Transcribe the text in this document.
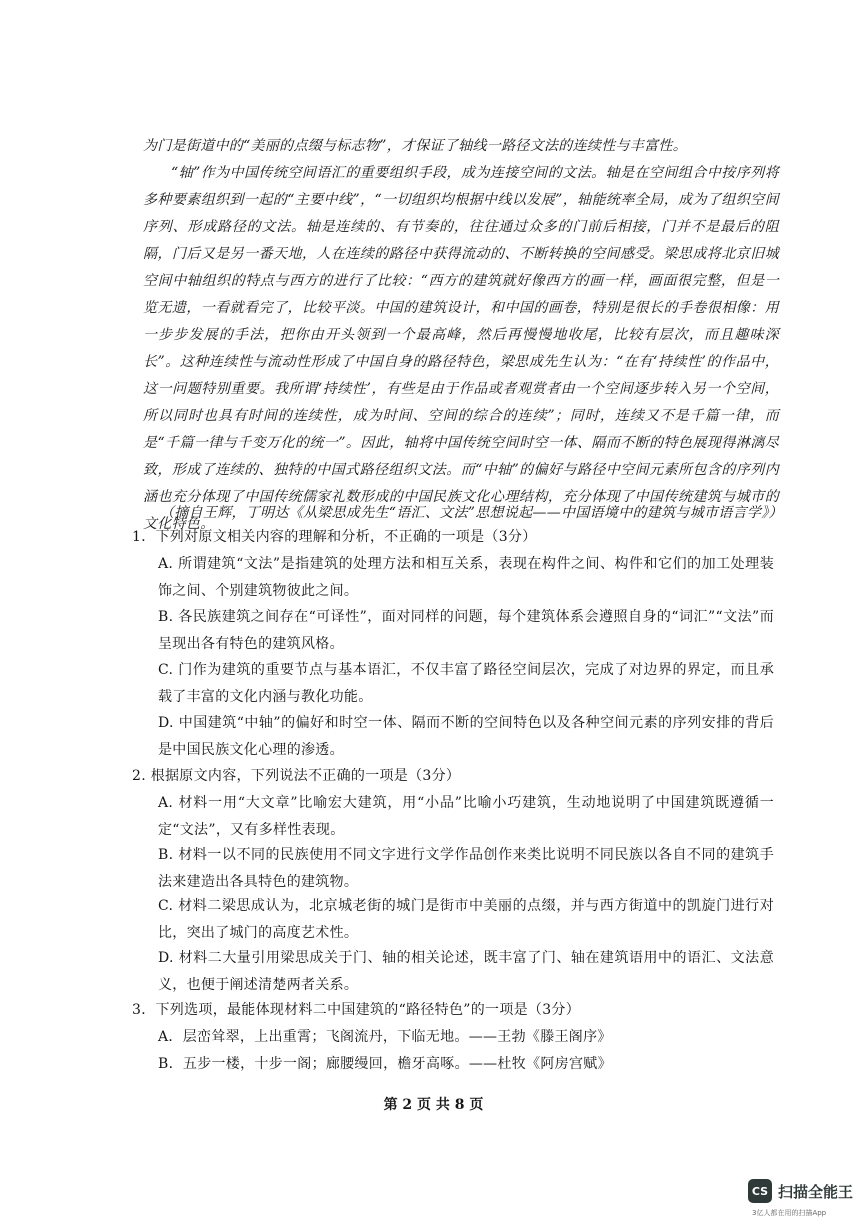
为门是街道中的“美丽的点缀与标志物”，才保证了轴线一路径文法的连续性与丰富性。

“轴”作为中国传统空间语汇的重要组织手段，成为连接空间的文法。轴是在空间组合中按序列将多种要素组织到一起的“主要中线”，“一切组织均根据中线以发展”，轴能统率全局，成为了组织空间序列、形成路径的文法。轴是连续的、有节奏的，往往通过众多的门前后相接，门并不是最后的阻隔，门后又是另一番天地，人在连续的路径中获得流动的、不断转换的空间感受。梁思成将北京旧城空间中轴组织的特点与西方的进行了比较：“西方的建筑就好像西方的画一样，画面很完整，但是一览无遗，一看就看完了，比较平淡。中国的建筑设计，和中国的画卷，特别是很长的手卷很相像：用一步步发展的手法，把你由开头领到一个最高峰，然后再慢慢地收尾，比较有层次，而且趣味深长”。这种连续性与流动性形成了中国自身的路径特色，梁思成先生认为：“在有‘持续性’的作品中，这一问题特别重要。我所谓‘持续性’，有些是由于作品或者观赏者由一个空间逐步转入另一个空间，所以同时也具有时间的连续性，成为时间、空间的综合的连续”；同时，连续又不是千篇一律，而是“千篇一律与千变万化的统一”。因此，轴将中国传统空间时空一体、隔而不断的特色展现得淋漓尽致，形成了连续的、独特的中国式路径组织文法。而“中轴”的偏好与路径中空间元素所包含的序列内涵也充分体现了中国传统儒家礼数形成的中国民族文化心理结构，充分体现了中国传统建筑与城市的文化特色。

（摘自王辉，丁明达《从梁思成先生“语汇、文法”思想说起——中国语境中的建筑与城市语言学》）
1．下列对原文相关内容的理解和分析，不正确的一项是（3分）
A. 所谓建筑“文法”是指建筑的处理方法和相互关系，表现在构件之间、构件和它们的加工处理装饰之间、个别建筑物彼此之间。
B. 各民族建筑之间存在“可译性”，面对同样的问题，每个建筑体系会遵照自身的“词汇”“文法”而呈现出各有特色的建筑风格。
C. 门作为建筑的重要节点与基本语汇，不仅丰富了路径空间层次，完成了对边界的界定，而且承载了丰富的文化内涵与教化功能。
D. 中国建筑“中轴”的偏好和时空一体、隔而不断的空间特色以及各种空间元素的序列安排的背后是中国民族文化心理的渗透。
2. 根据原文内容，下列说法不正确的一项是（3分）
A. 材料一用“大文章”比喻宏大建筑，用“小品”比喻小巧建筑，生动地说明了中国建筑既遵循一定“文法”，又有多样性表现。
B. 材料一以不同的民族使用不同文字进行文学作品创作来类比说明不同民族以各自不同的建筑手法来建造出各具特色的建筑物。
C. 材料二梁思成认为，北京城老街的城门是街市中美丽的点缀，并与西方街道中的凯旋门进行对比，突出了城门的高度艺术性。
D. 材料二大量引用梁思成关于门、轴的相关论述，既丰富了门、轴在建筑语用中的语汇、文法意义，也便于阐述清楚两者关系。
3．下列选项，最能体现材料二中国建筑的“路径特色”的一项是（3分）
A．层峦耸翠，上出重霄；飞阁流丹，下临无地。——王勃《滕王阁序》
B．五步一楼，十步一阁；廊腰缦回，檐牙高啄。——杜牧《阿房宫赋》
第 2 页 共 8 页
CS 扫描全能王
3亿人都在用的扫描App
